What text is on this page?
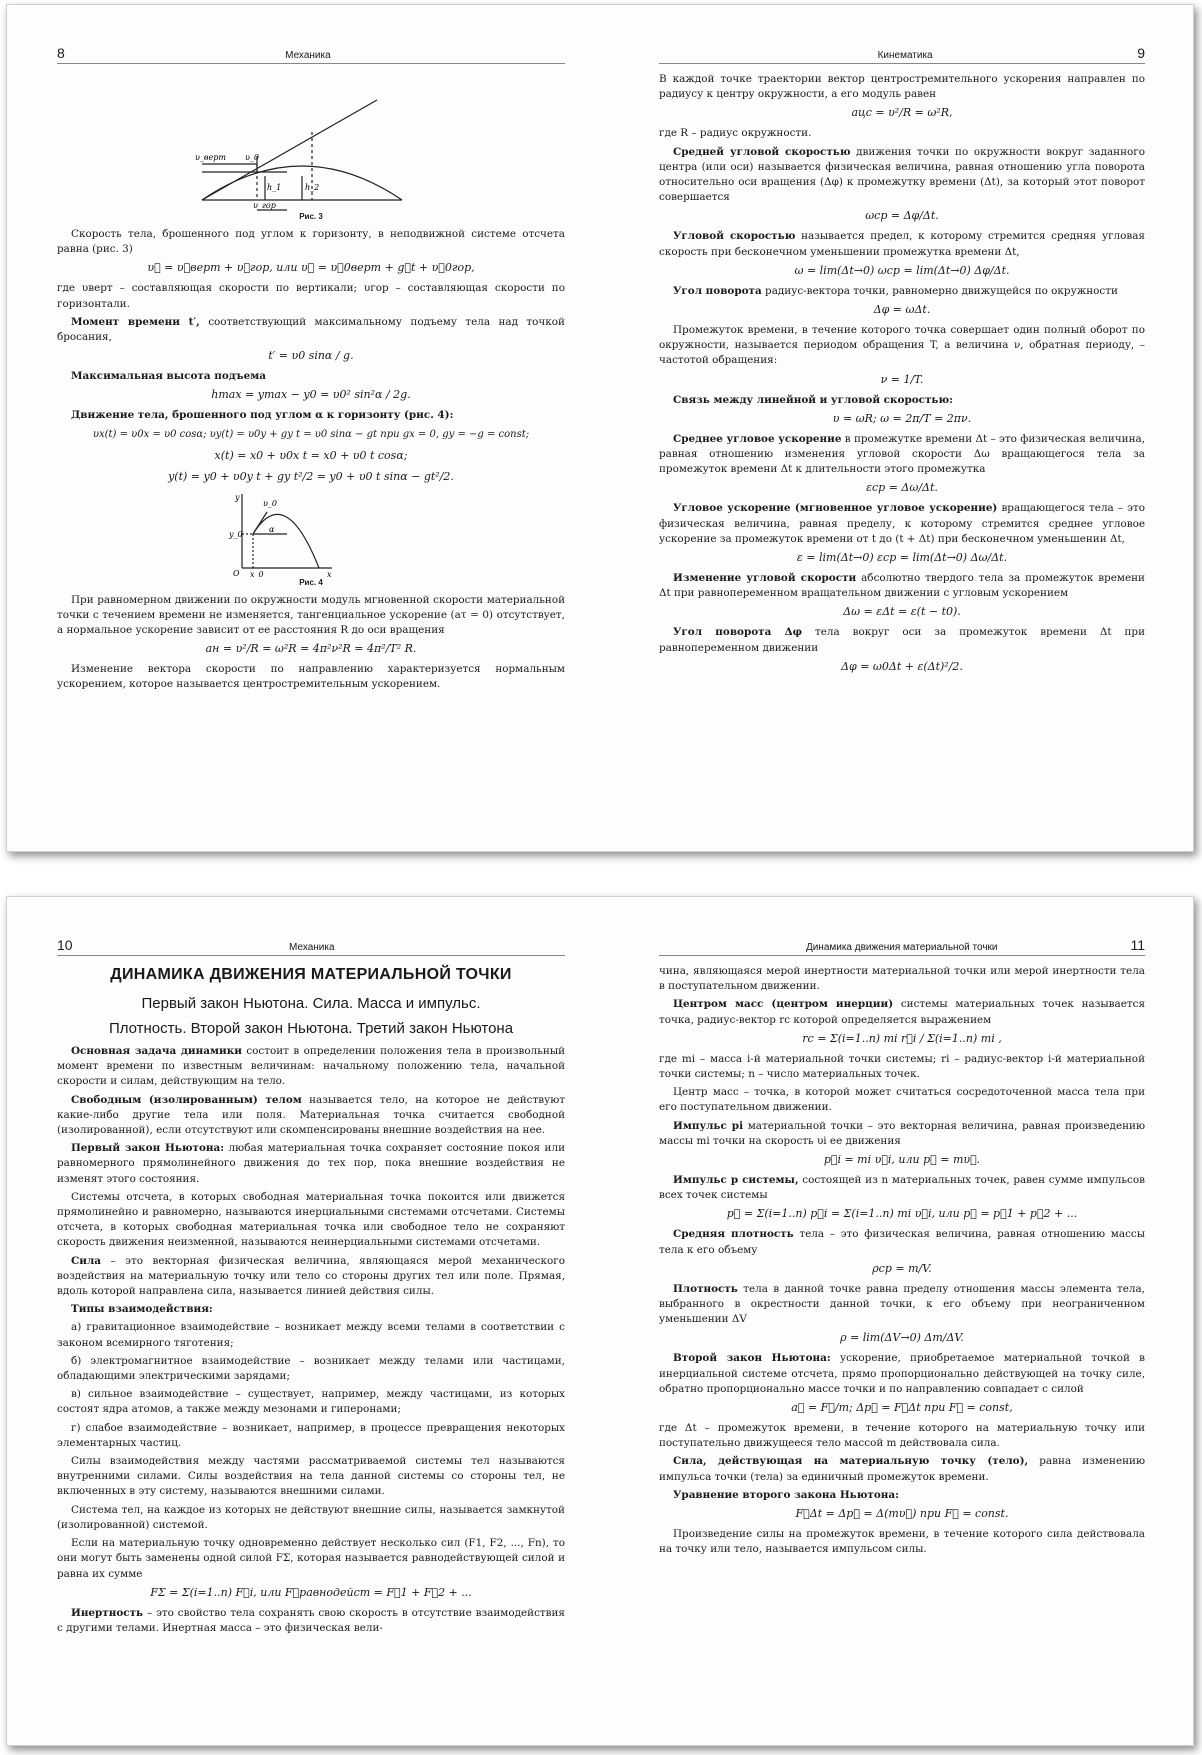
8	Механика
υ_верт υ_0
h_1	h_2
υ_гор
Рис. 3

Скорость тела, брошенного под углом к горизонту, в неподвижной системе отсчета равна (рис. 3)

υ⃗ = υ⃗верт + υ⃗гор, или υ⃗ = υ⃗0верт + g⃗t + υ⃗0гор,

где υверт – составляющая скорости по вертикали; υгор – составляющая скорости по горизонтали.

Момент времени t′, соответствующий максимальному подъему тела над точкой бросания,

t′ = υ0 sinα / g.

Максимальная высота подъема

hmax = ymax − y0 = υ0² sin²α / 2g.

Движение тела, брошенного под углом α к горизонту (рис. 4):

υx(t) = υ0x = υ0 cosα; υy(t) = υ0y + gy t = υ0 sinα − gt при gx = 0, gy = −g = const;
x(t) = x0 + υ0x t = x0 + υ0 t cosα;
y(t) = y0 + υ0y t + gy t²/2 = y0 + υ0 t sinα − gt²/2.
y
υ_0
y_0
α
O x_0	x
Рис. 4

При равномерном движении по окружности модуль мгновенной скорости материальной точки с течением времени не изменяется, тангенциальное ускорение (aτ = 0) отсутствует, а нормальное ускорение зависит от ее расстояния R до оси вращения

aн = υ²/R = ω²R = 4π²ν²R = 4π²/T² R.

Изменение вектора скорости по направлению характеризуется нормальным ускорением, которое называется центростремительным ускорением.

Кинематика	9

В каждой точке траектории вектор центростремительного ускорения направлен по радиусу к центру окружности, а его модуль равен

aцс = υ²/R = ω²R,

где R – радиус окружности.

Средней угловой скоростью движения точки по окружности вокруг заданного центра (или оси) называется физическая величина, равная отношению угла поворота относительно оси вращения (Δφ) к промежутку времени (Δt), за который этот поворот совершается

ωср = Δφ/Δt.

Угловой скоростью называется предел, к которому стремится средняя угловая скорость при бесконечном уменьшении промежутка времени Δt,

ω = lim(Δt→0) ωср = lim(Δt→0) Δφ/Δt.

Угол поворота радиус-вектора точки, равномерно движущейся по окружности

Δφ = ωΔt.

Промежуток времени, в течение которого точка совершает один полный оборот по окружности, называется периодом обращения T, а величина ν, обратная периоду, – частотой обращения:

ν = 1/T.

Связь между линейной и угловой скоростью:

υ = ωR; ω = 2π/T = 2πν.

Среднее угловое ускорение в промежутке времени Δt – это физическая величина, равная отношению изменения угловой скорости Δω вращающегося тела за промежуток времени Δt к длительности этого промежутка

εср = Δω/Δt.

Угловое ускорение (мгновенное угловое ускорение) вращающегося тела – это физическая величина, равная пределу, к которому стремится среднее угловое ускорение за промежуток времени от t до (t + Δt) при бесконечном уменьшении Δt,

ε = lim(Δt→0) εср = lim(Δt→0) Δω/Δt.

Изменение угловой скорости абсолютно твердого тела за промежуток времени Δt при равнопеременном вращательном движении с угловым ускорением

Δω = εΔt = ε(t − t0).

Угол поворота Δφ тела вокруг оси за промежуток времени Δt при равнопеременном движении

Δφ = ω0Δt + ε(Δt)²/2.
10	Механика
ДИНАМИКА ДВИЖЕНИЯ МАТЕРИАЛЬНОЙ ТОЧКИ
Первый закон Ньютона. Сила. Масса и импульс.
Плотность. Второй закон Ньютона. Третий закон Ньютона

Основная задача динамики состоит в определении положения тела в произвольный момент времени по известным величинам: начальному положению тела, начальной скорости и силам, действующим на тело.

Свободным (изолированным) телом называется тело, на которое не действуют какие-либо другие тела или поля. Материальная точка считается свободной (изолированной), если отсутствуют или скомпенсированы внешние воздействия на нее.

Первый закон Ньютона: любая материальная точка сохраняет состояние покоя или равномерного прямолинейного движения до тех пор, пока внешние воздействия не изменят этого состояния.

Системы отсчета, в которых свободная материальная точка покоится или движется прямолинейно и равномерно, называются инерциальными системами отсчетами. Системы отсчета, в которых свободная материальная точка или свободное тело не сохраняют скорость движения неизменной, называются неинерциальными системами отсчетами.

Сила – это векторная физическая величина, являющаяся мерой механического воздействия на материальную точку или тело со стороны других тел или поле. Прямая, вдоль которой направлена сила, называется линией действия силы.

Типы взаимодействия:

а) гравитационное взаимодействие – возникает между всеми телами в соответствии с законом всемирного тяготения;

б) электромагнитное взаимодействие – возникает между телами или частицами, обладающими электрическими зарядами;

в) сильное взаимодействие – существует, например, между частицами, из которых состоят ядра атомов, а также между мезонами и гиперонами;

г) слабое взаимодействие – возникает, например, в процессе превращения некоторых элементарных частиц.

Силы взаимодействия между частями рассматриваемой системы тел называются внутренними силами. Силы воздействия на тела данной системы со стороны тел, не включенных в эту систему, называются внешними силами.

Система тел, на каждое из которых не действуют внешние силы, называется замкнутой (изолированной) системой.

Если на материальную точку одновременно действует несколько сил (F1, F2, ..., Fn), то они могут быть заменены одной силой FΣ, которая называется равнодействующей силой и равна их сумме

FΣ = Σ(i=1..n) F⃗i, или F⃗равнодейст = F⃗1 + F⃗2 + ...

Инертность – это свойство тела сохранять свою скорость в отсутствие взаимодействия с другими телами. Инертная масса – это физическая вели-

Динамика движения материальной точки	11

чина, являющаяся мерой инертности материальной точки или мерой инертности тела в поступательном движении.

Центром масс (центром инерции) системы материальных точек называется точка, радиус-вектор rc которой определяется выражением

rc = Σ(i=1..n) mi r⃗i / Σ(i=1..n) mi ,

где mi – масса i-й материальной точки системы; ri – радиус-вектор i-й материальной точки системы; n – число материальных точек.

Центр масс – точка, в которой может считаться сосредоточенной масса тела при его поступательном движении.

Импульс pi материальной точки – это векторная величина, равная произведению массы mi точки на скорость υi ее движения

p⃗i = mi υ⃗i, или p⃗ = mυ⃗.

Импульс p системы, состоящей из n материальных точек, равен сумме импульсов всех точек системы

p⃗ = Σ(i=1..n) p⃗i = Σ(i=1..n) mi υ⃗i, или p⃗ = p⃗1 + p⃗2 + ...

Средняя плотность тела – это физическая величина, равная отношению массы тела к его объему

ρср = m/V.

Плотность тела в данной точке равна пределу отношения массы элемента тела, выбранного в окрестности данной точки, к его объему при неограниченном уменьшении ΔV

ρ = lim(ΔV→0) Δm/ΔV.

Второй закон Ньютона: ускорение, приобретаемое материальной точкой в инерциальной системе отсчета, прямо пропорционально действующей на точку силе, обратно пропорционально массе точки и по направлению совпадает с силой

a⃗ = F⃗/m; Δp⃗ = F⃗Δt при F⃗ = const,

где Δt – промежуток времени, в течение которого на материальную точку или поступательно движущееся тело массой m действовала сила.

Сила, действующая на материальную точку (тело), равна изменению импульса точки (тела) за единичный промежуток времени.

Уравнение второго закона Ньютона:

F⃗Δt = Δp⃗ = Δ(mυ⃗) при F⃗ = const.

Произведение силы на промежуток времени, в течение которого сила действовала на точку или тело, называется импульсом силы.
